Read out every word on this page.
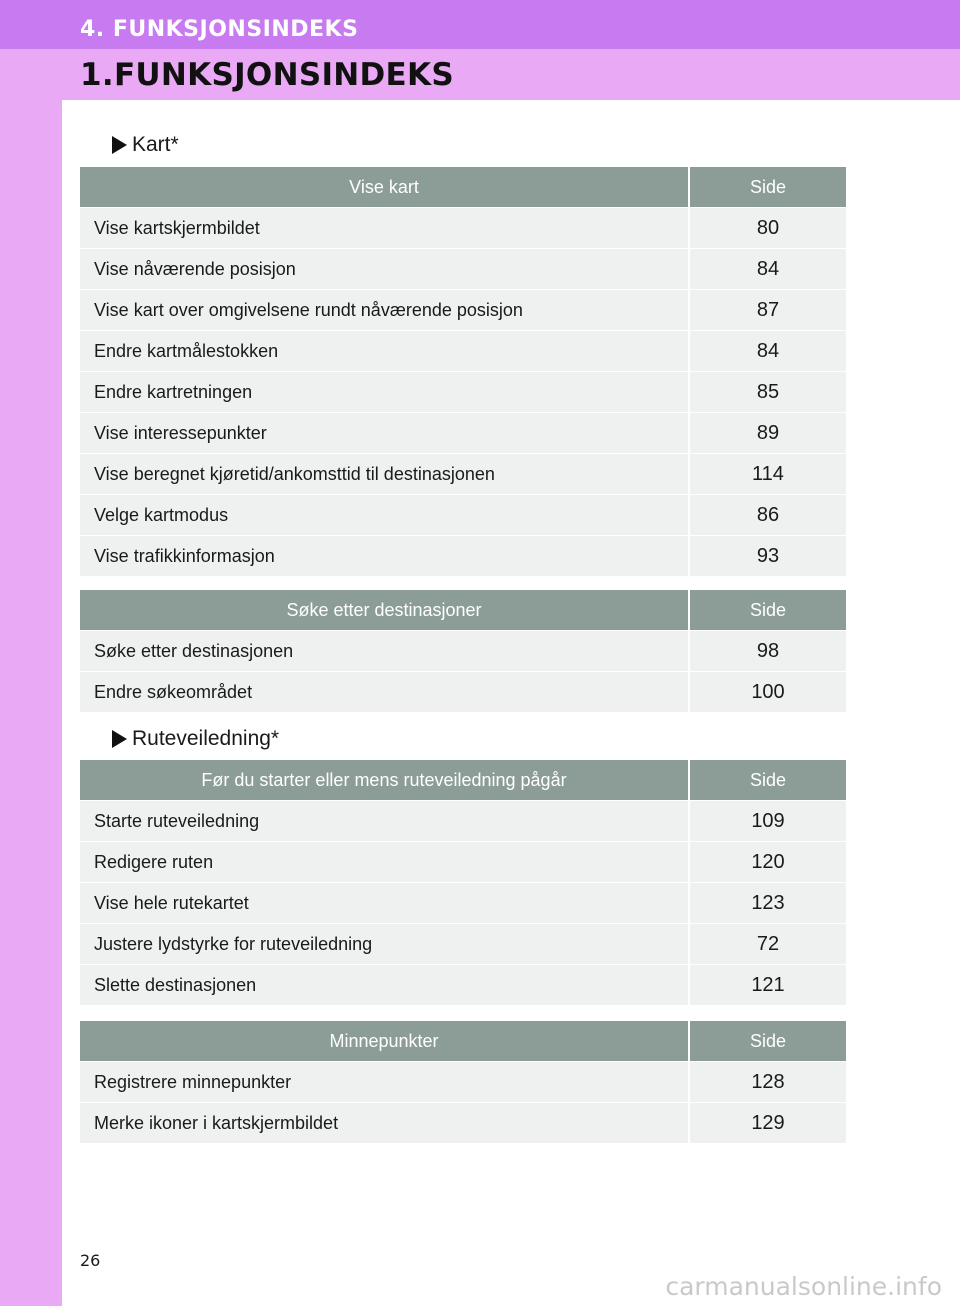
4. FUNKSJONSINDEKS
1.FUNKSJONSINDEKS
Kart*
Vise kart	Side
Vise kartskjermbildet	80
Vise nåværende posisjon	84
Vise kart over omgivelsene rundt nåværende posisjon	87
Endre kartmålestokken	84
Endre kartretningen	85
Vise interessepunkter	89
Vise beregnet kjøretid/ankomsttid til destinasjonen	114
Velge kartmodus	86
Vise trafikkinformasjon	93
Søke etter destinasjoner	Side
Søke etter destinasjonen	98
Endre søkeområdet	100
Ruteveiledning*
Før du starter eller mens ruteveiledning pågår	Side
Starte ruteveiledning	109
Redigere ruten	120
Vise hele rutekartet	123
Justere lydstyrke for ruteveiledning	72
Slette destinasjonen	121
Minnepunkter	Side
Registrere minnepunkter	128
Merke ikoner i kartskjermbildet	129
26
carmanualsonline.info
